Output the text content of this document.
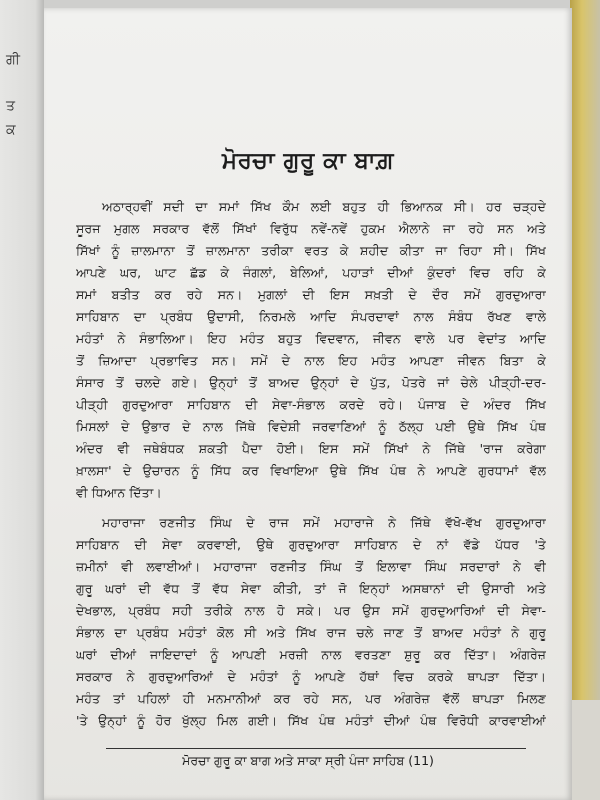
ਗੀ
ਤ
ਕ
ਮੋਰਚਾ ਗੁਰੂ ਕਾ ਬਾਗ਼
ਅਠਾਰ੍ਹਵੀਂ ਸਦੀ ਦਾ ਸਮਾਂ ਸਿੱਖ ਕੌਮ ਲਈ ਬਹੁਤ ਹੀ ਭਿਆਨਕ ਸੀ। ਹਰ ਚੜ੍ਹਦੇ
ਸੂਰਜ ਮੁਗਲ ਸਰਕਾਰ ਵੱਲੋਂ ਸਿੱਖਾਂ ਵਿਰੁੱਧ ਨਵੇਂ-ਨਵੇਂ ਹੁਕਮ ਐਲਾਨੇ ਜਾ ਰਹੇ ਸਨ ਅਤੇ
ਸਿੱਖਾਂ ਨੂੰ ਜ਼ਾਲਮਾਨਾ ਤੋਂ ਜ਼ਾਲਮਾਨਾ ਤਰੀਕਾ ਵਰਤ ਕੇ ਸ਼ਹੀਦ ਕੀਤਾ ਜਾ ਰਿਹਾ ਸੀ। ਸਿੱਖ
ਆਪਣੇ ਘਰ, ਘਾਟ ਛੱਡ ਕੇ ਜੰਗਲਾਂ, ਬੇਲਿਆਂ, ਪਹਾੜਾਂ ਦੀਆਂ ਕੁੰਦਰਾਂ ਵਿਚ ਰਹਿ ਕੇ
ਸਮਾਂ ਬਤੀਤ ਕਰ ਰਹੇ ਸਨ। ਮੁਗਲਾਂ ਦੀ ਇਸ ਸਖ਼ਤੀ ਦੇ ਦੌਰ ਸਮੇਂ ਗੁਰਦੁਆਰਾ
ਸਾਹਿਬਾਨ ਦਾ ਪ੍ਰਬੰਧ ਉਦਾਸੀ, ਨਿਰਮਲੇ ਆਦਿ ਸੰਪਰਦਾਵਾਂ ਨਾਲ ਸੰਬੰਧ ਰੱਖਣ ਵਾਲੇ
ਮਹੰਤਾਂ ਨੇ ਸੰਭਾਲਿਆ। ਇਹ ਮਹੰਤ ਬਹੁਤ ਵਿਦਵਾਨ, ਜੀਵਨ ਵਾਲੇ ਪਰ ਵੇਦਾਂਤ ਆਦਿ
ਤੋਂ ਜ਼ਿਆਦਾ ਪ੍ਰਭਾਵਿਤ ਸਨ। ਸਮੇਂ ਦੇ ਨਾਲ ਇਹ ਮਹੰਤ ਆਪਣਾ ਜੀਵਨ ਬਿਤਾ ਕੇ
ਸੰਸਾਰ ਤੋਂ ਚਲਦੇ ਗਏ। ਉਨ੍ਹਾਂ ਤੋਂ ਬਾਅਦ ਉਨ੍ਹਾਂ ਦੇ ਪੁੱਤ, ਪੋਤਰੇ ਜਾਂ ਚੇਲੇ ਪੀੜ੍ਹੀ-ਦਰ-
ਪੀੜ੍ਹੀ ਗੁਰਦੁਆਰਾ ਸਾਹਿਬਾਨ ਦੀ ਸੇਵਾ-ਸੰਭਾਲ ਕਰਦੇ ਰਹੇ। ਪੰਜਾਬ ਦੇ ਅੰਦਰ ਸਿੱਖ
ਮਿਸਲਾਂ ਦੇ ਉਭਾਰ ਦੇ ਨਾਲ ਜਿੱਥੇ ਵਿਦੇਸ਼ੀ ਜਰਵਾਣਿਆਂ ਨੂੰ ਠੱਲ੍ਹ ਪਈ ਉਥੇ ਸਿੱਖ ਪੰਥ
ਅੰਦਰ ਵੀ ਜਥੇਬੰਧਕ ਸ਼ਕਤੀ ਪੈਦਾ ਹੋਈ। ਇਸ ਸਮੇਂ ਸਿੱਖਾਂ ਨੇ ਜਿੱਥੇ 'ਰਾਜ ਕਰੇਗਾ
ਖ਼ਾਲਸਾ' ਦੇ ਉਚਾਰਨ ਨੂੰ ਸਿੱਧ ਕਰ ਵਿਖਾਇਆ ਉਥੇ ਸਿੱਖ ਪੰਥ ਨੇ ਆਪਣੇ ਗੁਰਧਾਮਾਂ ਵੱਲ
ਵੀ ਧਿਆਨ ਦਿੱਤਾ।
ਮਹਾਰਾਜਾ ਰਣਜੀਤ ਸਿੰਘ ਦੇ ਰਾਜ ਸਮੇਂ ਮਹਾਰਾਜੇ ਨੇ ਜਿੱਥੇ ਵੱਖੋ-ਵੱਖ ਗੁਰਦੁਆਰਾ
ਸਾਹਿਬਾਨ ਦੀ ਸੇਵਾ ਕਰਵਾਈ, ਉਥੇ ਗੁਰਦੁਆਰਾ ਸਾਹਿਬਾਨ ਦੇ ਨਾਂ ਵੱਡੇ ਪੱਧਰ 'ਤੇ
ਜ਼ਮੀਨਾਂ ਵੀ ਲਵਾਈਆਂ। ਮਹਾਰਾਜਾ ਰਣਜੀਤ ਸਿੰਘ ਤੋਂ ਇਲਾਵਾ ਸਿੰਘ ਸਰਦਾਰਾਂ ਨੇ ਵੀ
ਗੁਰੂ ਘਰਾਂ ਦੀ ਵੱਧ ਤੋਂ ਵੱਧ ਸੇਵਾ ਕੀਤੀ, ਤਾਂ ਜੋ ਇਨ੍ਹਾਂ ਅਸਥਾਨਾਂ ਦੀ ਉਸਾਰੀ ਅਤੇ
ਦੇਖਭਾਲ, ਪ੍ਰਬੰਧ ਸਹੀ ਤਰੀਕੇ ਨਾਲ ਹੋ ਸਕੇ। ਪਰ ਉਸ ਸਮੇਂ ਗੁਰਦੁਆਰਿਆਂ ਦੀ ਸੇਵਾ-
ਸੰਭਾਲ ਦਾ ਪ੍ਰਬੰਧ ਮਹੰਤਾਂ ਕੋਲ ਸੀ ਅਤੇ ਸਿੱਖ ਰਾਜ ਚਲੇ ਜਾਣ ਤੋਂ ਬਾਅਦ ਮਹੰਤਾਂ ਨੇ ਗੁਰੂ
ਘਰਾਂ ਦੀਆਂ ਜਾਇਦਾਦਾਂ ਨੂੰ ਆਪਣੀ ਮਰਜ਼ੀ ਨਾਲ ਵਰਤਣਾ ਸ਼ੁਰੂ ਕਰ ਦਿੱਤਾ। ਅੰਗਰੇਜ਼
ਸਰਕਾਰ ਨੇ ਗੁਰਦੁਆਰਿਆਂ ਦੇ ਮਹੰਤਾਂ ਨੂੰ ਆਪਣੇ ਹੱਥਾਂ ਵਿਚ ਕਰਕੇ ਥਾਪੜਾ ਦਿੱਤਾ।
ਮਹੰਤ ਤਾਂ ਪਹਿਲਾਂ ਹੀ ਮਨਮਾਨੀਆਂ ਕਰ ਰਹੇ ਸਨ, ਪਰ ਅੰਗਰੇਜ਼ ਵੱਲੋਂ ਥਾਪੜਾ ਮਿਲਣ
'ਤੇ ਉਨ੍ਹਾਂ ਨੂੰ ਹੋਰ ਖੁੱਲ੍ਹ ਮਿਲ ਗਈ। ਸਿੱਖ ਪੰਥ ਮਹੰਤਾਂ ਦੀਆਂ ਪੰਥ ਵਿਰੋਧੀ ਕਾਰਵਾਈਆਂ
ਮੋਰਚਾ ਗੁਰੂ ਕਾ ਬਾਗ ਅਤੇ ਸਾਕਾ ਸ੍ਰੀ ਪੰਜਾ ਸਾਹਿਬ (11)
